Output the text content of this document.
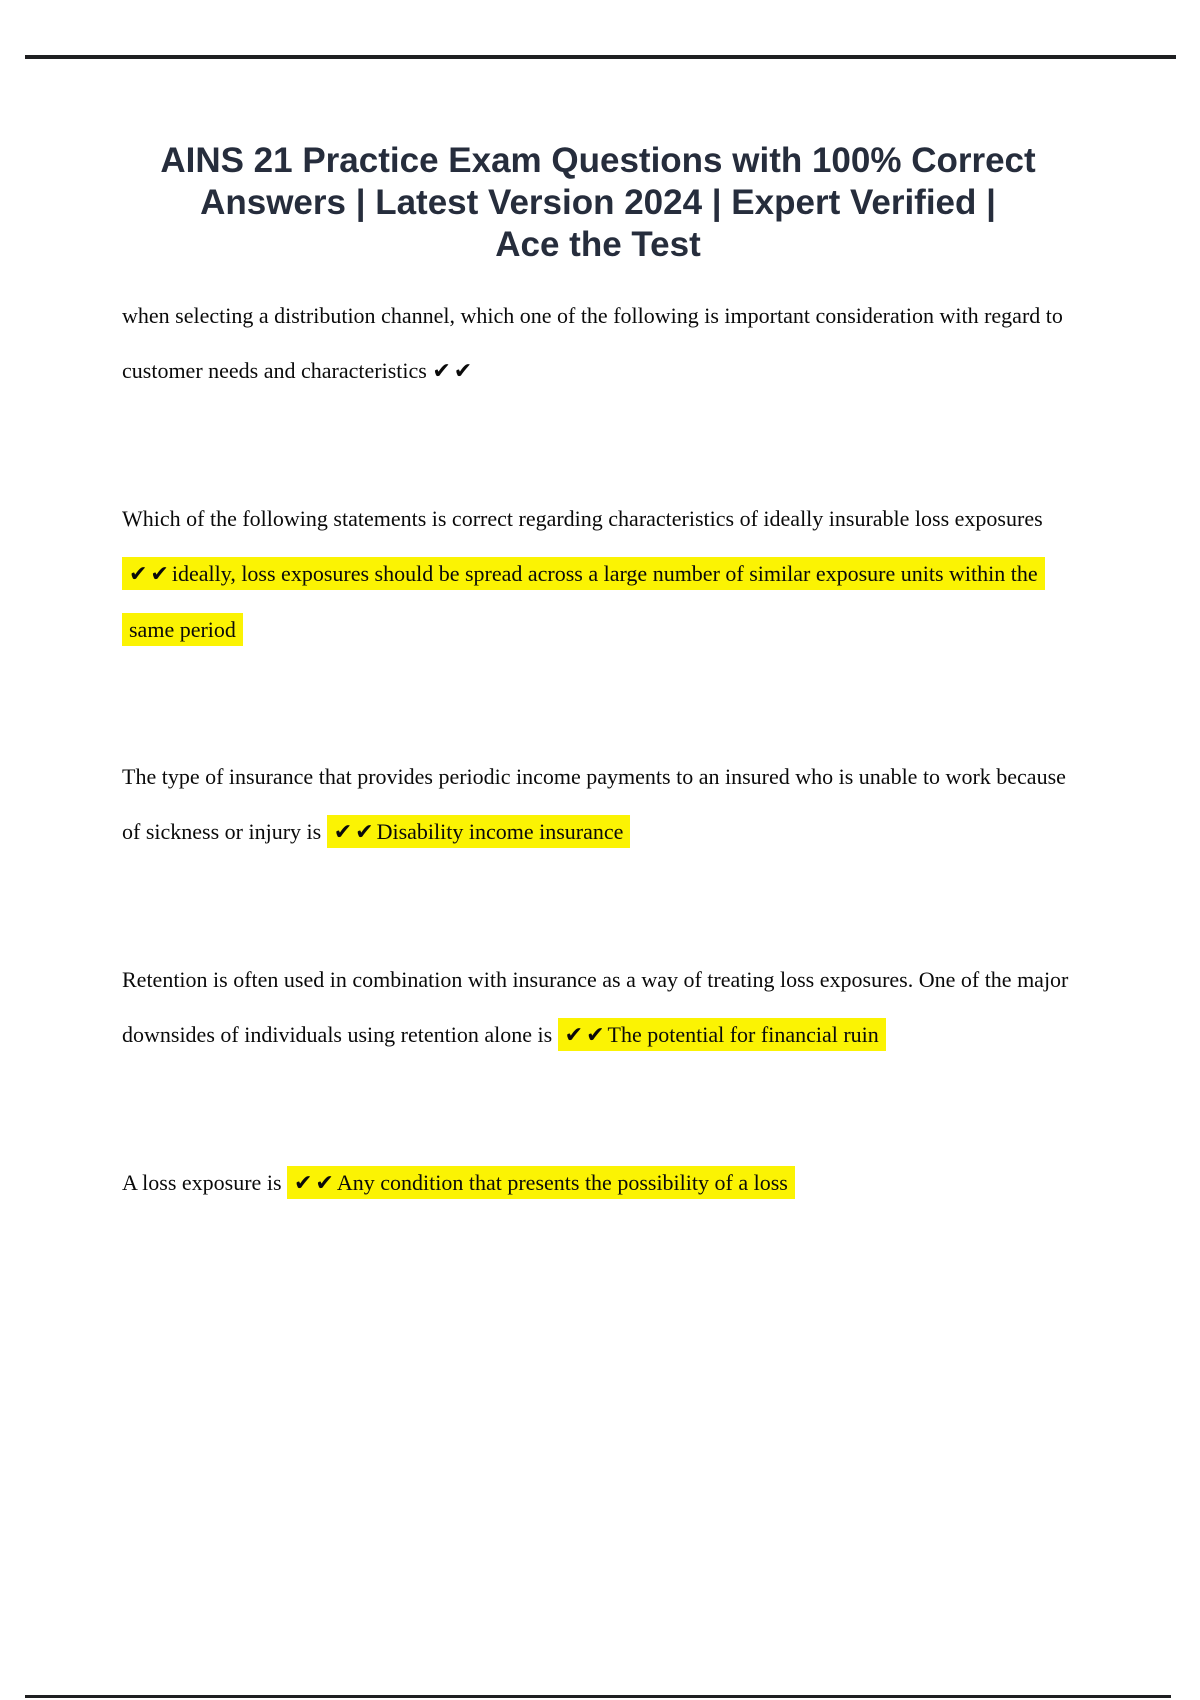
AINS 21 Practice Exam Questions with 100% Correct
Answers | Latest Version 2024 | Expert Verified |
Ace the Test

when selecting a distribution channel, which one of the following is important consideration with regard to customer needs and characteristics ✔✔

Which of the following statements is correct regarding characteristics of ideally insurable loss exposures ✔✔ideally, loss exposures should be spread across a large number of similar exposure units within the same period

The type of insurance that provides periodic income payments to an insured who is unable to work because of sickness or injury is ✔✔Disability income insurance

Retention is often used in combination with insurance as a way of treating loss exposures. One of the major downsides of individuals using retention alone is ✔✔The potential for financial ruin

A loss exposure is ✔✔Any condition that presents the possibility of a loss
